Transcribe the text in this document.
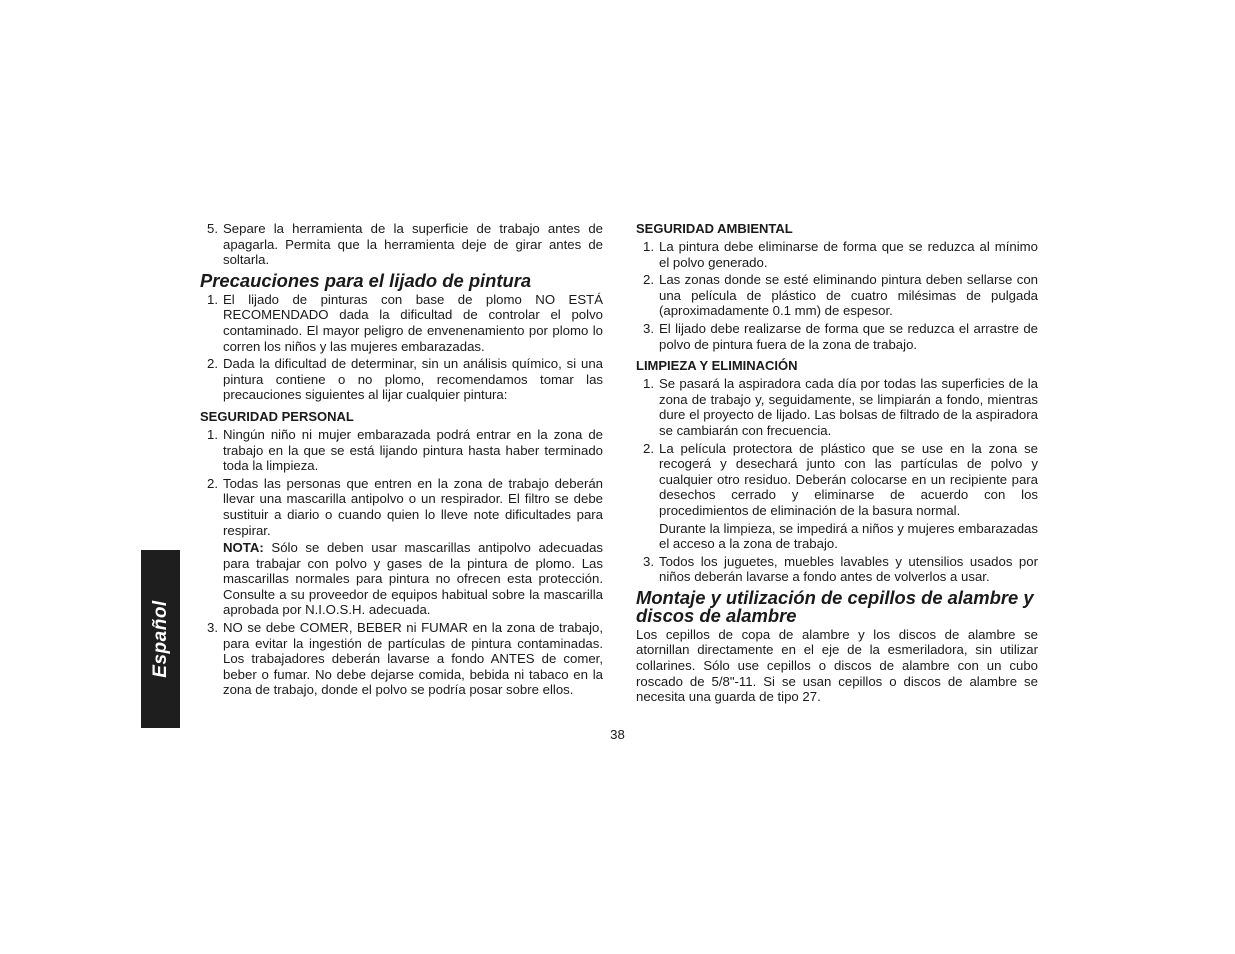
5. Separe la herramienta de la superficie de trabajo antes de apagarla. Permita que la herramienta deje de girar antes de soltarla.

Precauciones para el lijado de pintura
1. El lijado de pinturas con base de plomo NO ESTÁ RECOMENDADO dada la dificultad de controlar el polvo contaminado. El mayor peligro de envenenamiento por plomo lo corren los niños y las mujeres embarazadas.

2. Dada la dificultad de determinar, sin un análisis químico, si una pintura contiene o no plomo, recomendamos tomar las precauciones siguientes al lijar cualquier pintura:

SEGURIDAD PERSONAL
1. Ningún niño ni mujer embarazada podrá entrar en la zona de trabajo en la que se está lijando pintura hasta haber terminado toda la limpieza.

2. Todas las personas que entren en la zona de trabajo deberán llevar una mascarilla antipolvo o un respirador. El filtro se debe sustituir a diario o cuando quien lo lleve note dificultades para respirar.

NOTA: Sólo se deben usar mascarillas antipolvo adecuadas para trabajar con polvo y gases de la pintura de plomo. Las mascarillas normales para pintura no ofrecen esta protección. Consulte a su proveedor de equipos habitual sobre la mascarilla aprobada por N.I.O.S.H. adecuada.

3. NO se debe COMER, BEBER ni FUMAR en la zona de trabajo, para evitar la ingestión de partículas de pintura contaminadas. Los trabajadores deberán lavarse a fondo ANTES de comer, beber o fumar. No debe dejarse comida, bebida ni tabaco en la zona de trabajo, donde el polvo se podría posar sobre ellos.

SEGURIDAD AMBIENTAL
1. La pintura debe eliminarse de forma que se reduzca al mínimo el polvo generado.

2. Las zonas donde se esté eliminando pintura deben sellarse con una película de plástico de cuatro milésimas de pulgada (aproximadamente 0.1 mm) de espesor.

3. El lijado debe realizarse de forma que se reduzca el arrastre de polvo de pintura fuera de la zona de trabajo.

LIMPIEZA Y ELIMINACIÓN
1. Se pasará la aspiradora cada día por todas las superficies de la zona de trabajo y, seguidamente, se limpiarán a fondo, mientras dure el proyecto de lijado. Las bolsas de filtrado de la aspiradora se cambiarán con frecuencia.

2. La película protectora de plástico que se use en la zona se recogerá y desechará junto con las partículas de polvo y cualquier otro residuo. Deberán colocarse en un recipiente para desechos cerrado y eliminarse de acuerdo con los procedimientos de eliminación de la basura normal.

Durante la limpieza, se impedirá a niños y mujeres embarazadas el acceso a la zona de trabajo.

3. Todos los juguetes, muebles lavables y utensilios usados por niños deberán lavarse a fondo antes de volverlos a usar.

Montaje y utilización de cepillos de alambre y discos de alambre

Los cepillos de copa de alambre y los discos de alambre se atornillan directamente en el eje de la esmeriladora, sin utilizar collarines. Sólo use cepillos o discos de alambre con un cubo roscado de 5/8"-11. Si se usan cepillos o discos de alambre se necesita una guarda de tipo 27.

Español
38
